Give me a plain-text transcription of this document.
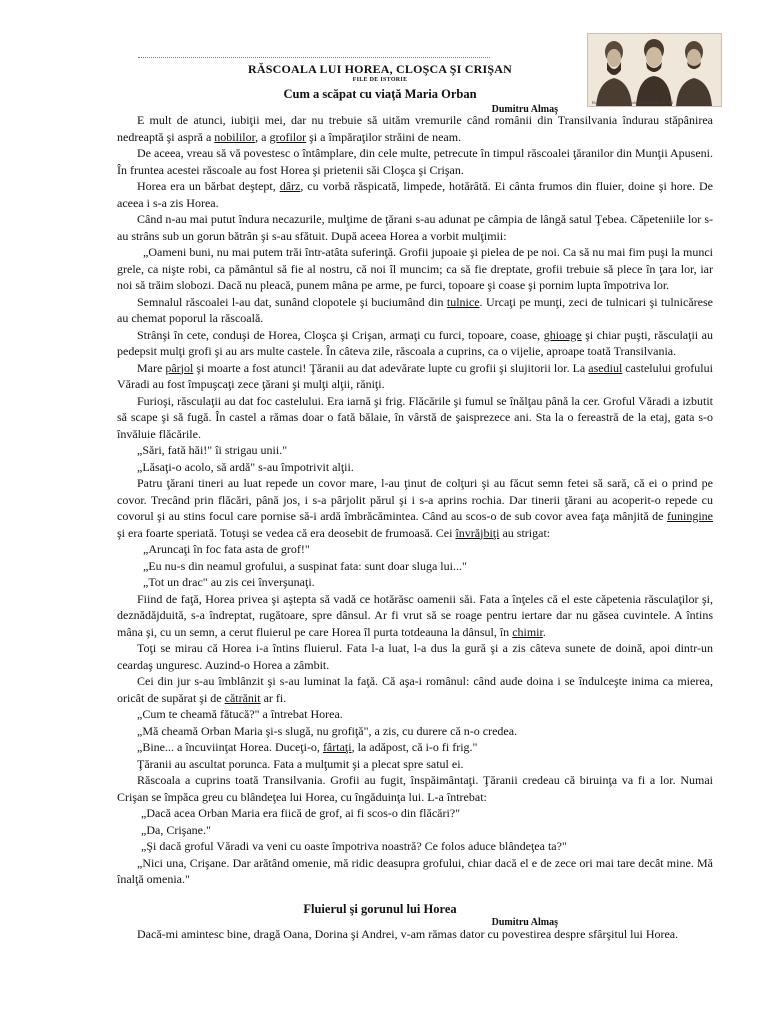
Horea, Cloşca şi Crişan, conducătorii răscoalei din 1784
RĂSCOALA LUI HOREA, CLOŞCA ŞI CRIŞAN
FILE DE ISTORIE
Cum a scăpat cu viaţă Maria Orban
Dumitru Almaş

E mult de atunci, iubiţii mei, dar nu trebuie să uităm vremurile când românii din Transilvania îndurau stăpânirea nedreaptă şi aspră a nobililor, a grofilor şi a împăraţilor străini de neam.

De aceea, vreau să vă povestesc o întâmplare, din cele multe, petrecute în timpul răscoalei ţăranilor din Munţii Apuseni. În fruntea acestei răscoale au fost Horea şi prietenii săi Cloşca şi Crişan.

Horea era un bărbat deştept, dârz, cu vorbă răspicată, limpede, hotărâtă. Ei cânta frumos din fluier, doine şi hore. De aceea i s-a zis Horea.

Când n-au mai putut îndura necazurile, mulţime de ţărani s-au adunat pe câmpia de lângă satul Ţebea. Căpeteniile lor s-au strâns sub un gorun bătrân şi s-au sfătuit. După aceea Horea a vorbit mulţimii:

„Oameni buni, nu mai putem trăi într-atâta suferinţă. Grofii jupoaie şi pielea de pe noi. Ca să nu mai fim puşi la munci grele, ca nişte robi, ca pământul să fie al nostru, că noi îl muncim; ca să fie dreptate, grofii trebuie să plece în ţara lor, iar noi să trăim slobozi. Dacă nu pleacă, punem mâna pe arme, pe furci, topoare şi coase şi pornim lupta împotriva lor.

Semnalul răscoalei l-au dat, sunând clopotele şi buciumând din tulnice. Urcaţi pe munţi, zeci de tulnicari şi tulnicărese au chemat poporul la răscoală.

Strânşi în cete, conduşi de Horea, Cloşca şi Crişan, armaţi cu furci, topoare, coase, ghioage şi chiar puşti, răsculaţii au pedepsit mulţi grofi şi au ars multe castele. În câteva zile, răscoala a cuprins, ca o vijelie, aproape toată Transilvania.

Mare pârjol şi moarte a fost atunci! Ţăranii au dat adevărate lupte cu grofii şi slujitorii lor. La asediul castelului grofului Văradi au fost împuşcaţi zece ţărani şi mulţi alţii, răniţi.

Furioşi, răsculaţii au dat foc castelului. Era iarnă şi frig. Flăcările şi fumul se înălţau până la cer. Groful Văradi a izbutit să scape şi să fugă. În castel a rămas doar o fată bălaie, în vârstă de şaisprezece ani. Sta la o fereastră de la etaj, gata s-o învăluie flăcările.

„Sări, fată hăi!" îi strigau unii."

„Lăsaţi-o acolo, să ardă" s-au împotrivit alţii.

Patru ţărani tineri au luat repede un covor mare, l-au ţinut de colţuri şi au făcut semn fetei să sară, că ei o prind pe covor. Trecând prin flăcări, până jos, i s-a pârjolit părul şi i s-a aprins rochia. Dar tinerii ţărani au acoperit-o repede cu covorul şi au stins focul care pornise să-i ardă îmbrăcămintea. Când au scos-o de sub covor avea faţa mânjită de funingine şi era foarte speriată. Totuşi se vedea că era deosebit de frumoasă. Cei învrăjbiţi au strigat:

„Aruncaţi în foc fata asta de grof!"

„Eu nu-s din neamul grofului, a suspinat fata: sunt doar sluga lui..."

„Tot un drac" au zis cei înverşunaţi.

Fiind de faţă, Horea privea şi aştepta să vadă ce hotărăsc oamenii săi. Fata a înţeles că el este căpetenia răsculaţilor şi, deznădăjduită, s-a îndreptat, rugătoare, spre dânsul. Ar fi vrut să se roage pentru iertare dar nu găsea cuvintele. A întins mâna şi, cu un semn, a cerut fluierul pe care Horea îl purta totdeauna la dânsul, în chimir.

Toţi se mirau că Horea i-a întins fluierul. Fata l-a luat, l-a dus la gură şi a zis câteva sunete de doină, apoi dintr-un ceardaş unguresc. Auzind-o Horea a zâmbit.

Cei din jur s-au îmblânzit şi s-au luminat la faţă. Că aşa-i românul: când aude doina i se îndulceşte inima ca mierea, oricât de supărat şi de cătrănit ar fi.

„Cum te cheamă fătucă?" a întrebat Horea.

„Mă cheamă Orban Maria şi-s slugă, nu grofiţă", a zis, cu durere că n-o credea.

„Bine... a încuviinţat Horea. Duceţi-o, fârtaţi, la adăpost, că i-o fi frig."

Ţăranii au ascultat porunca. Fata a mulţumit şi a plecat spre satul ei.

Răscoala a cuprins toată Transilvania. Grofii au fugit, înspăimântaţi. Ţăranii credeau că biruinţa va fi a lor. Numai Crişan se împăca greu cu blândeţea lui Horea, cu îngăduinţa lui. L-a întrebat:

„Dacă acea Orban Maria era fiică de grof, ai fi scos-o din flăcări?"

„Da, Crişane."

„Şi dacă groful Văradi va veni cu oaste împotriva noastră? Ce folos aduce blândeţea ta?"

„Nici una, Crişane. Dar arătând omenie, mă ridic deasupra grofului, chiar dacă el e de zece ori mai tare decât mine. Mă înalţă omenia."

Fluierul şi gorunul lui Horea
Dumitru Almaş

Dacă-mi amintesc bine, dragă Oana, Dorina şi Andrei, v-am rămas dator cu povestirea despre sfârşitul lui Horea.
